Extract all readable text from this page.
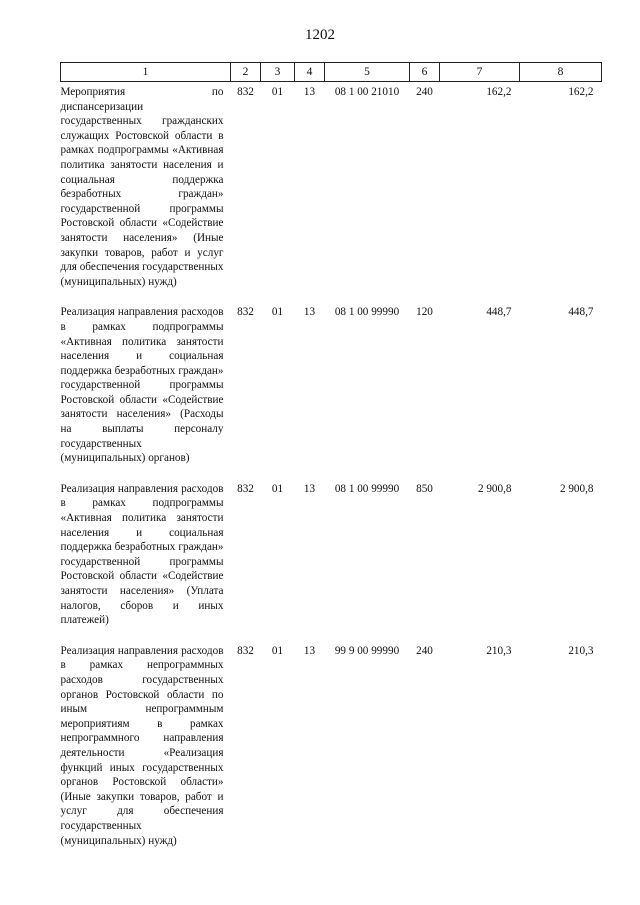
1202
1	2	3	4	5	6	7	8

Мероприятия по диспансеризации государственных гражданских служащих Ростовской области в рамках подпрограммы «Активная политика занятости населения и социальная поддержка безработных граждан» государственной программы Ростовской области «Содействие занятости населения» (Иные закупки товаров, работ и услуг для обеспечения государственных (муниципальных) нужд)	832	01	13	08 1 00 21010	240	162,2	162,2

Реализация направления расходов в рамках подпрограммы «Активная политика занятости населения и социальная поддержка безработных граждан» государственной программы Ростовской области «Содействие занятости населения» (Расходы на выплаты персоналу государственных (муниципальных) органов)	832	01	13	08 1 00 99990	120	448,7	448,7

Реализация направления расходов в рамках подпрограммы «Активная политика занятости населения и социальная поддержка безработных граждан» государственной программы Ростовской области «Содействие занятости населения» (Уплата налогов, сборов и иных платежей)	832	01	13	08 1 00 99990	850	2 900,8	2 900,8

Реализация направления расходов в рамках непрограммных расходов государственных органов Ростовской области по иным непрограммным мероприятиям в рамках непрограммного направления деятельности «Реализация функций иных государственных органов Ростовской области» (Иные закупки товаров, работ и услуг для обеспечения государственных (муниципальных) нужд)	832	01	13	99 9 00 99990	240	210,3	210,3
